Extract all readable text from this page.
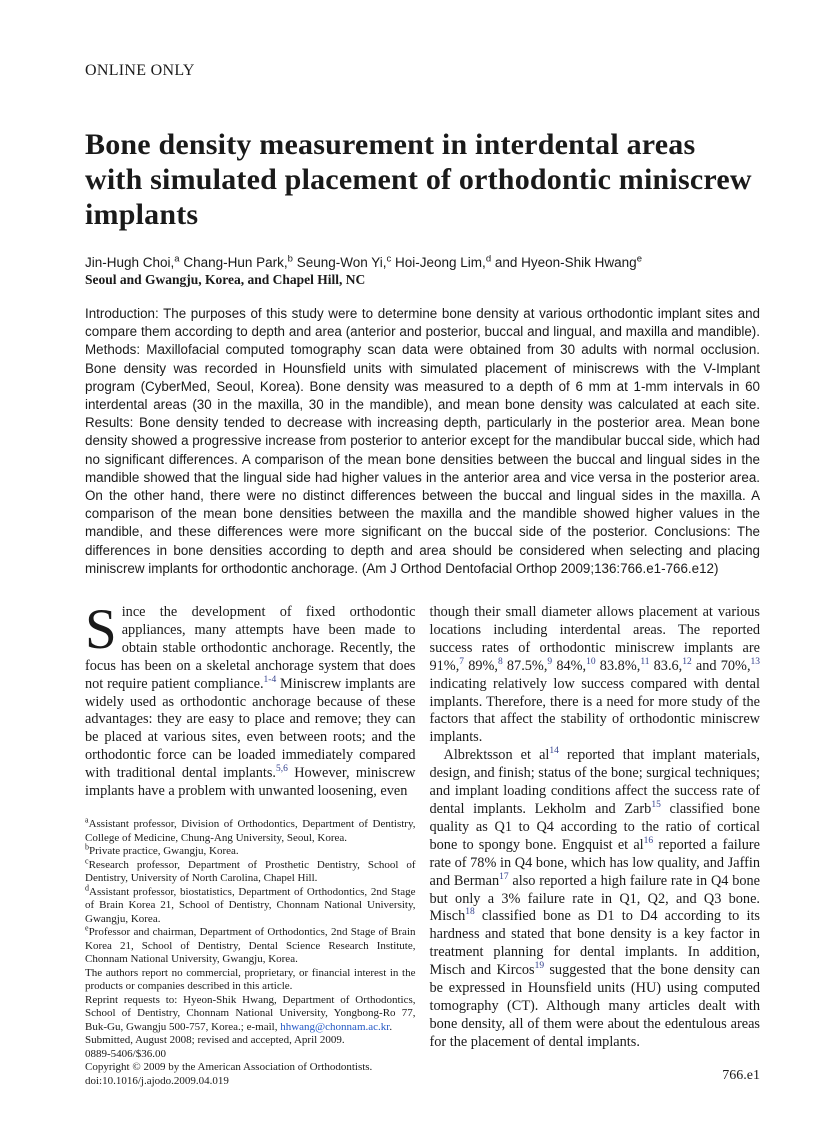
ONLINE ONLY
Bone density measurement in interdental areas with simulated placement of orthodontic miniscrew implants
Jin-Hugh Choi,$^a$ Chang-Hun Park,$^b$ Seung-Won Yi,$^c$ Hoi-Jeong Lim,$^d$ and Hyeon-Shik Hwang$^e$
Seoul and Gwangju, Korea, and Chapel Hill, NC
Introduction: The purposes of this study were to determine bone density at various orthodontic implant sites and compare them according to depth and area (anterior and posterior, buccal and lingual, and maxilla and mandible). Methods: Maxillofacial computed tomography scan data were obtained from 30 adults with normal occlusion. Bone density was recorded in Hounsfield units with simulated placement of miniscrews with the V-Implant program (CyberMed, Seoul, Korea). Bone density was measured to a depth of 6 mm at 1-mm intervals in 60 interdental areas (30 in the maxilla, 30 in the mandible), and mean bone density was calculated at each site. Results: Bone density tended to decrease with increasing depth, particularly in the posterior area. Mean bone density showed a progressive increase from posterior to anterior except for the mandibular buccal side, which had no significant differences. A comparison of the mean bone densities between the buccal and lingual sides in the mandible showed that the lingual side had higher values in the anterior area and vice versa in the posterior area. On the other hand, there were no distinct differences between the buccal and lingual sides in the maxilla. A comparison of the mean bone densities between the maxilla and the mandible showed higher values in the mandible, and these differences were more significant on the buccal side of the posterior. Conclusions: The differences in bone densities according to depth and area should be considered when selecting and placing miniscrew implants for orthodontic anchorage. (Am J Orthod Dentofacial Orthop 2009;136:766.e1-766.e12)

Since the development of fixed orthodontic appliances, many attempts have been made to obtain stable orthodontic anchorage. Recently, the focus has been on a skeletal anchorage system that does not require patient compliance.$^{1-4}$ Miniscrew implants are widely used as orthodontic anchorage because of these advantages: they are easy to place and remove; they can be placed at various sites, even between roots; and the orthodontic force can be loaded immediately compared with traditional dental implants.$^{5,6}$ However, miniscrew implants have a problem with unwanted loosening, even

$^a$Assistant professor, Division of Orthodontics, Department of Dentistry, College of Medicine, Chung-Ang University, Seoul, Korea.

$^b$Private practice, Gwangju, Korea.

$^c$Research professor, Department of Prosthetic Dentistry, School of Dentistry, University of North Carolina, Chapel Hill.

$^d$Assistant professor, biostatistics, Department of Orthodontics, 2nd Stage of Brain Korea 21, School of Dentistry, Chonnam National University, Gwangju, Korea.

$^e$Professor and chairman, Department of Orthodontics, 2nd Stage of Brain Korea 21, School of Dentistry, Dental Science Research Institute, Chonnam National University, Gwangju, Korea.

The authors report no commercial, proprietary, or financial interest in the products or companies described in this article.

Reprint requests to: Hyeon-Shik Hwang, Department of Orthodontics, School of Dentistry, Chonnam National University, Yongbong-Ro 77, Buk-Gu, Gwangju 500-757, Korea.; e-mail, hhwang@chonnam.ac.kr.

Submitted, August 2008; revised and accepted, April 2009.

0889-5406/$36.00

Copyright © 2009 by the American Association of Orthodontists.

doi:10.1016/j.ajodo.2009.04.019

though their small diameter allows placement at various locations including interdental areas. The reported success rates of orthodontic miniscrew implants are 91%,$^7$ 89%,$^8$ 87.5%,$^9$ 84%,$^{10}$ 83.8%,$^{11}$ 83.6,12 and 70%,$^{13}$ indicating relatively low success compared with dental implants. Therefore, there is a need for more study of the factors that affect the stability of orthodontic miniscrew implants.

Albrektsson et al$^{14}$ reported that implant materials, design, and finish; status of the bone; surgical techniques; and implant loading conditions affect the success rate of dental implants. Lekholm and Zarb$^{15}$ classified bone quality as Q1 to Q4 according to the ratio of cortical bone to spongy bone. Engquist et al$^{16}$ reported a failure rate of 78% in Q4 bone, which has low quality, and Jaffin and Berman$^{17}$ also reported a high failure rate in Q4 bone but only a 3% failure rate in Q1, Q2, and Q3 bone. Misch$^{18}$ classified bone as D1 to D4 according to its hardness and stated that bone density is a key factor in treatment planning for dental implants. In addition, Misch and Kircos$^{19}$ suggested that the bone density can be expressed in Hounsfield units (HU) using computed tomography (CT). Although many articles dealt with bone density, all of them were about the edentulous areas for the placement of dental implants.

766.e1
